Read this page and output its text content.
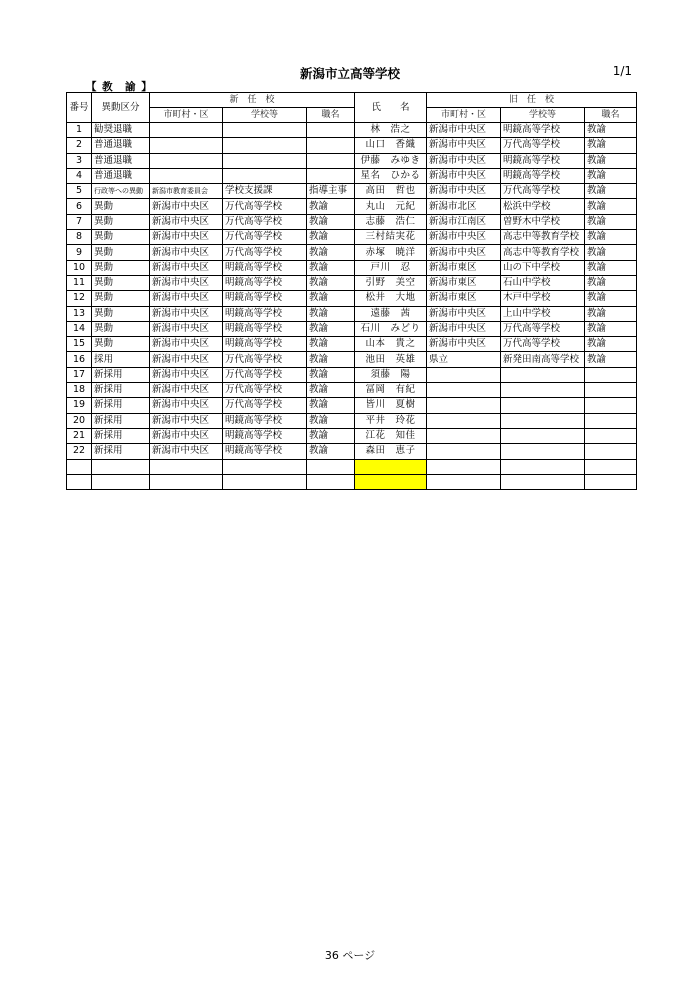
新潟市立高等学校	1/1
【 教　諭 】
番号	異動区分	新　任　校			氏　　名	旧　任　校		
		市町村・区	学校等	職名		市町村・区	学校等	職名
1	勧奨退職				林　浩之	新潟市中央区	明鏡高等学校	教諭
2	普通退職				山口　香織	新潟市中央区	万代高等学校	教諭
3	普通退職				伊藤　みゆき	新潟市中央区	明鏡高等学校	教諭
4	普通退職				星名　ひかる	新潟市中央区	明鏡高等学校	教諭
5	行政等への異動	新潟市教育委員会	学校支援課	指導主事	高田　哲也	新潟市中央区	万代高等学校	教諭
6	異動	新潟市中央区	万代高等学校	教諭	丸山　元紀	新潟市北区	松浜中学校	教諭
7	異動	新潟市中央区	万代高等学校	教諭	志藤　浩仁	新潟市江南区	曽野木中学校	教諭
8	異動	新潟市中央区	万代高等学校	教諭	三村結実花	新潟市中央区	高志中等教育学校	教諭
9	異動	新潟市中央区	万代高等学校	教諭	赤塚　暁洋	新潟市中央区	高志中等教育学校	教諭
10	異動	新潟市中央区	明鏡高等学校	教諭	戸川　忍	新潟市東区	山の下中学校	教諭
11	異動	新潟市中央区	明鏡高等学校	教諭	引野　美空	新潟市東区	石山中学校	教諭
12	異動	新潟市中央区	明鏡高等学校	教諭	松井　大地	新潟市東区	木戸中学校	教諭
13	異動	新潟市中央区	明鏡高等学校	教諭	遠藤　茜	新潟市中央区	上山中学校	教諭
14	異動	新潟市中央区	明鏡高等学校	教諭	石川　みどり	新潟市中央区	万代高等学校	教諭
15	異動	新潟市中央区	明鏡高等学校	教諭	山本　貴之	新潟市中央区	万代高等学校	教諭
16	採用	新潟市中央区	万代高等学校	教諭	池田　英雄	県立	新発田南高等学校	教諭
17	新採用	新潟市中央区	万代高等学校	教諭	須藤　陽			
18	新採用	新潟市中央区	万代高等学校	教諭	冨岡　有紀			
19	新採用	新潟市中央区	万代高等学校	教諭	皆川　夏樹			
20	新採用	新潟市中央区	明鏡高等学校	教諭	平井　玲花			
21	新採用	新潟市中央区	明鏡高等学校	教諭	江花　知佳			
22	新採用	新潟市中央区	明鏡高等学校	教諭	森田　恵子			

36 ページ
